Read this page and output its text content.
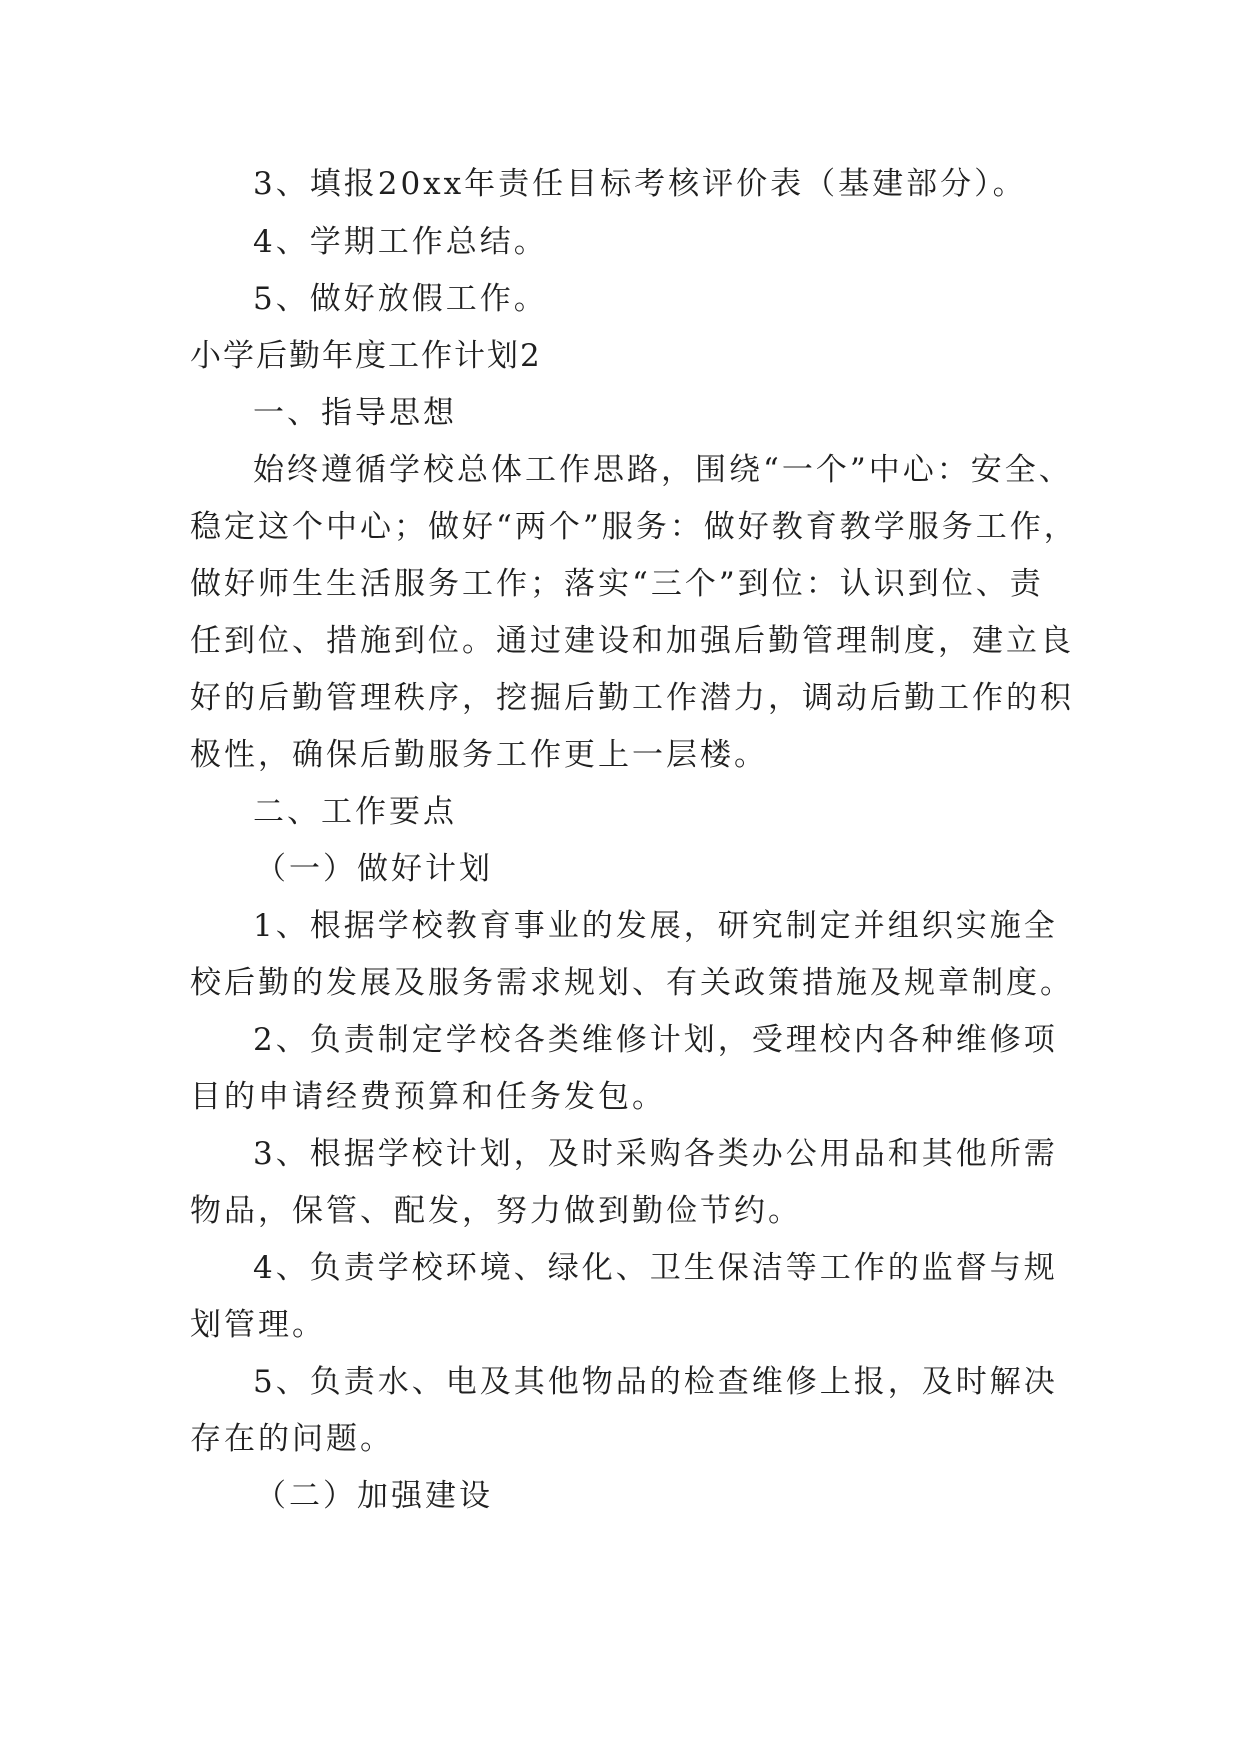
3、填报20xx年责任目标考核评价表（基建部分）。
4、学期工作总结。
5、做好放假工作。
小学后勤年度工作计划2
一、指导思想
始终遵循学校总体工作思路，围绕“一个”中心：安全、
稳定这个中心；做好“两个”服务：做好教育教学服务工作，
做好师生生活服务工作；落实“三个”到位：认识到位、责
任到位、措施到位。通过建设和加强后勤管理制度，建立良
好的后勤管理秩序，挖掘后勤工作潜力，调动后勤工作的积
极性，确保后勤服务工作更上一层楼。
二、工作要点
（一）做好计划
1、根据学校教育事业的发展，研究制定并组织实施全
校后勤的发展及服务需求规划、有关政策措施及规章制度。
2、负责制定学校各类维修计划，受理校内各种维修项
目的申请经费预算和任务发包。
3、根据学校计划，及时采购各类办公用品和其他所需
物品，保管、配发，努力做到勤俭节约。
4、负责学校环境、绿化、卫生保洁等工作的监督与规
划管理。
5、负责水、电及其他物品的检查维修上报，及时解决
存在的问题。
（二）加强建设
